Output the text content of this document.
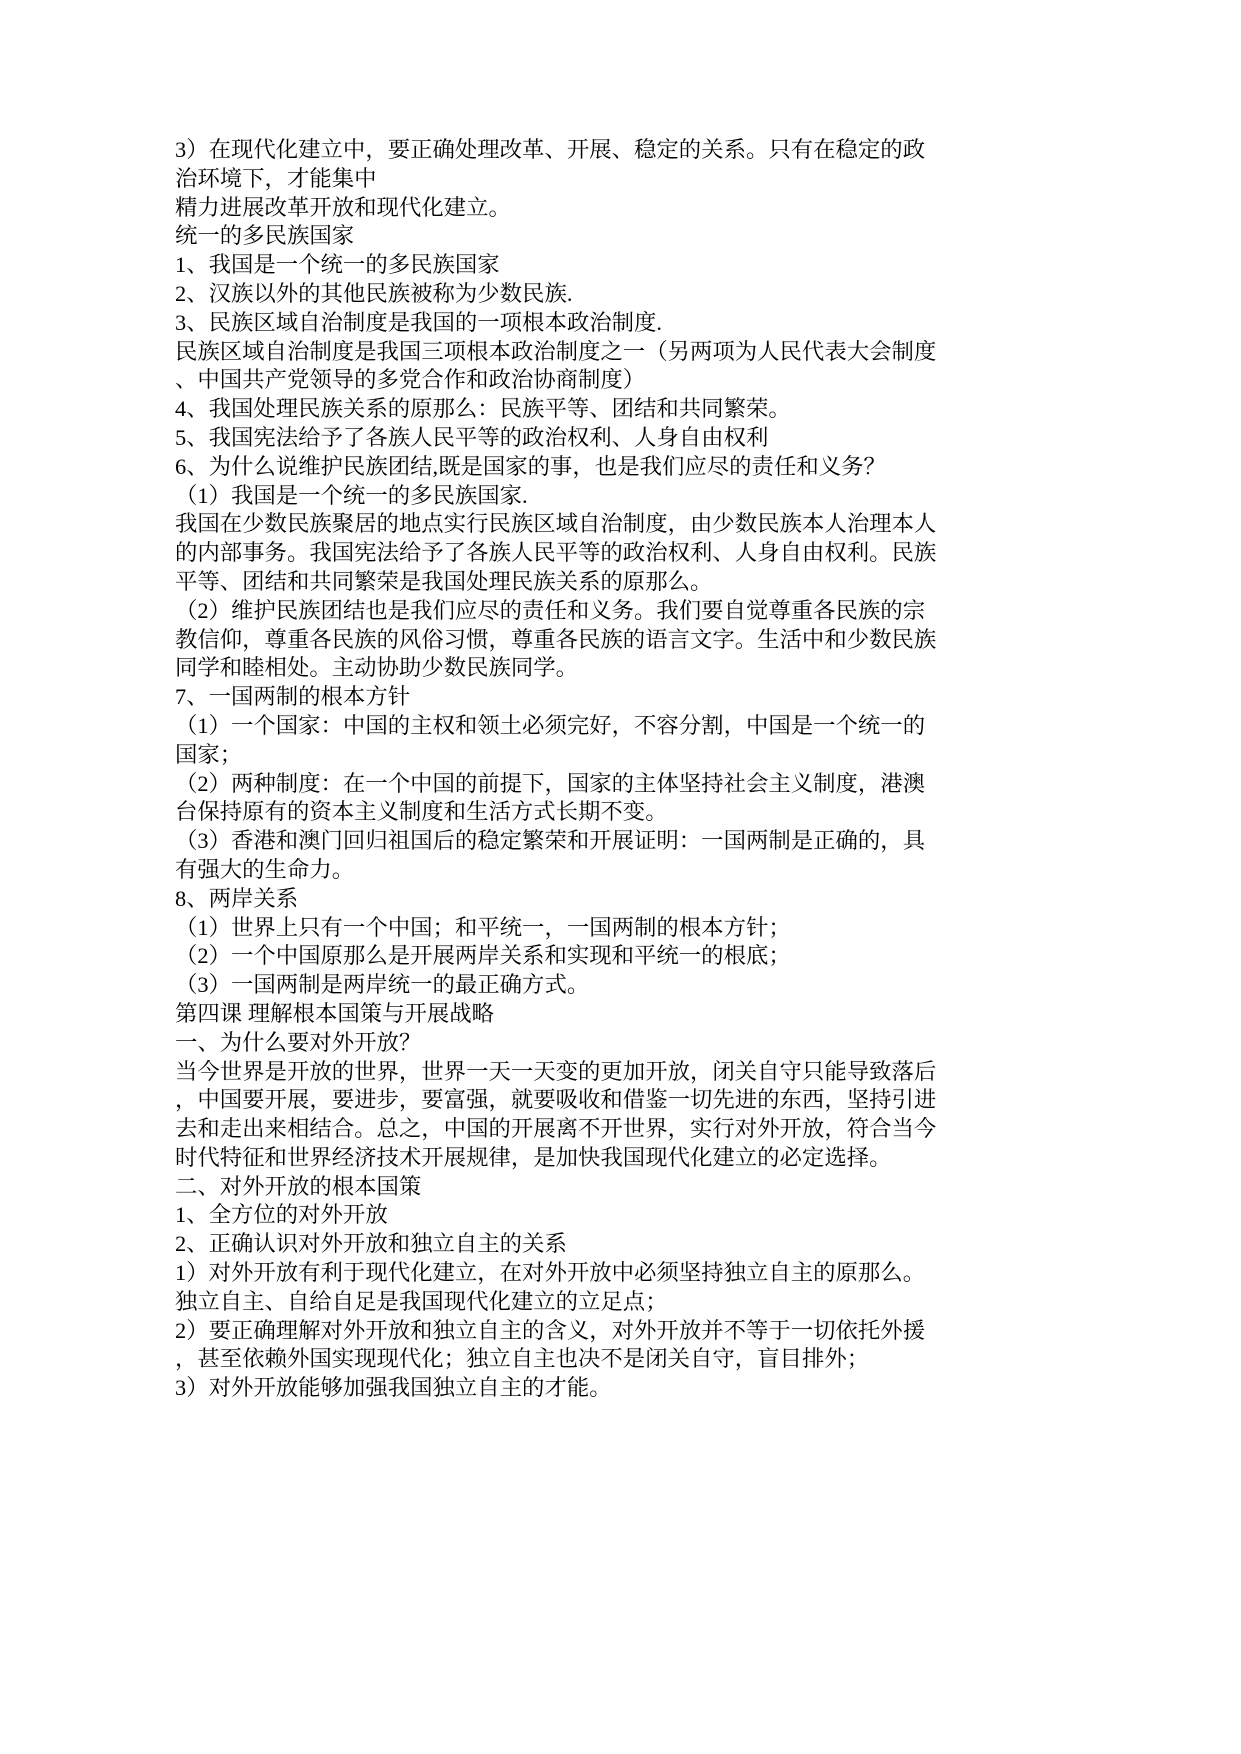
3）在现代化建立中，要正确处理改革、开展、稳定的关系。只有在稳定的政
治环境下，才能集中
精力进展改革开放和现代化建立。
统一的多民族国家
1、我国是一个统一的多民族国家
2、汉族以外的其他民族被称为少数民族.
3、民族区域自治制度是我国的一项根本政治制度.
民族区域自治制度是我国三项根本政治制度之一（另两项为人民代表大会制度
、中国共产党领导的多党合作和政治协商制度）
4、我国处理民族关系的原那么：民族平等、团结和共同繁荣。
5、我国宪法给予了各族人民平等的政治权利、人身自由权利
6、为什么说维护民族团结,既是国家的事，也是我们应尽的责任和义务？
（1）我国是一个统一的多民族国家.
我国在少数民族聚居的地点实行民族区域自治制度，由少数民族本人治理本人
的内部事务。我国宪法给予了各族人民平等的政治权利、人身自由权利。民族
平等、团结和共同繁荣是我国处理民族关系的原那么。
（2）维护民族团结也是我们应尽的责任和义务。我们要自觉尊重各民族的宗
教信仰，尊重各民族的风俗习惯，尊重各民族的语言文字。生活中和少数民族
同学和睦相处。主动协助少数民族同学。
7、一国两制的根本方针
（1）一个国家：中国的主权和领土必须完好，不容分割，中国是一个统一的
国家；
（2）两种制度：在一个中国的前提下，国家的主体坚持社会主义制度，港澳
台保持原有的资本主义制度和生活方式长期不变。
（3）香港和澳门回归祖国后的稳定繁荣和开展证明：一国两制是正确的，具
有强大的生命力。
8、两岸关系
（1）世界上只有一个中国；和平统一，一国两制的根本方针；
（2）一个中国原那么是开展两岸关系和实现和平统一的根底；
（3）一国两制是两岸统一的最正确方式。
第四课 理解根本国策与开展战略
一、为什么要对外开放？
当今世界是开放的世界，世界一天一天变的更加开放，闭关自守只能导致落后
，中国要开展，要进步，要富强，就要吸收和借鉴一切先进的东西，坚持引进
去和走出来相结合。总之，中国的开展离不开世界，实行对外开放，符合当今
时代特征和世界经济技术开展规律，是加快我国现代化建立的必定选择。
二、对外开放的根本国策
1、全方位的对外开放
2、正确认识对外开放和独立自主的关系
1）对外开放有利于现代化建立，在对外开放中必须坚持独立自主的原那么。
独立自主、自给自足是我国现代化建立的立足点；
2）要正确理解对外开放和独立自主的含义，对外开放并不等于一切依托外援
，甚至依赖外国实现现代化；独立自主也决不是闭关自守，盲目排外；
3）对外开放能够加强我国独立自主的才能。
